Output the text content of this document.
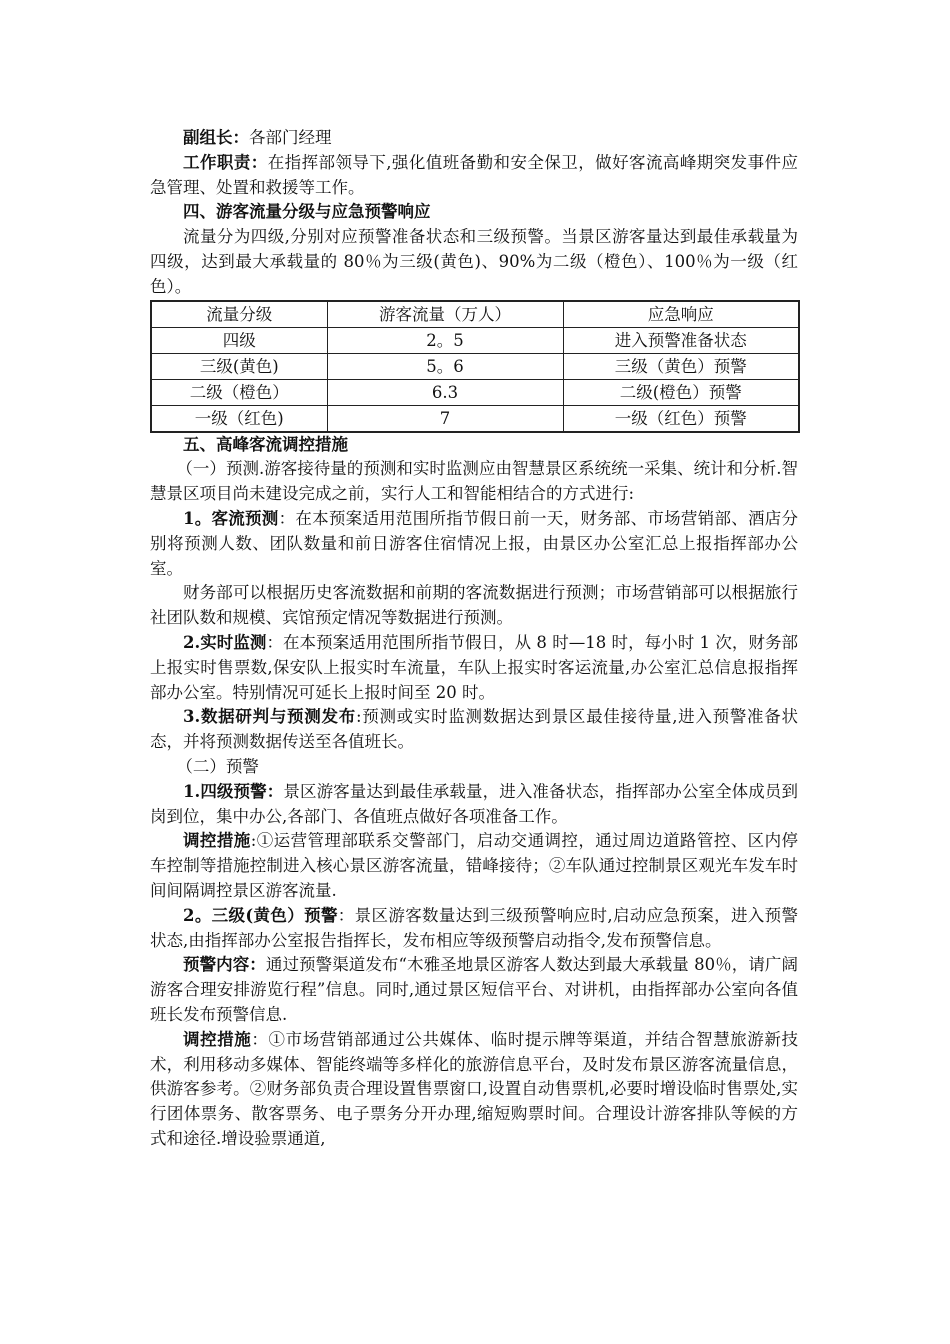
副组长：各部门经理

工作职责：在指挥部领导下,强化值班备勤和安全保卫，做好客流高峰期突发事件应急管理、处置和救援等工作。

四、游客流量分级与应急预警响应

流量分为四级,分别对应预警准备状态和三级预警。当景区游客量达到最佳承载量为四级，达到最大承载量的 80％为三级(黄色)、90%为二级（橙色）、100％为一级（红色）。

流量分级	游客流量（万人）	应急响应
四级	2。5	进入预警准备状态
三级(黄色)	5。6	三级（黄色）预警
二级（橙色）	6.3	二级(橙色）预警
一级（红色)	7	一级（红色）预警

五、高峰客流调控措施

（一）预测.游客接待量的预测和实时监测应由智慧景区系统统一采集、统计和分析.智慧景区项目尚未建设完成之前，实行人工和智能相结合的方式进行:

1。客流预测：在本预案适用范围所指节假日前一天，财务部、市场营销部、酒店分别将预测人数、团队数量和前日游客住宿情况上报，由景区办公室汇总上报指挥部办公室。

财务部可以根据历史客流数据和前期的客流数据进行预测；市场营销部可以根据旅行社团队数和规模、宾馆预定情况等数据进行预测。

2.实时监测：在本预案适用范围所指节假日，从 8 时—18 时，每小时 1 次，财务部上报实时售票数,保安队上报实时车流量，车队上报实时客运流量,办公室汇总信息报指挥部办公室。特别情况可延长上报时间至 20 时。

3.数据研判与预测发布:预测或实时监测数据达到景区最佳接待量,进入预警准备状态，并将预测数据传送至各值班长。

（二）预警

1.四级预警：景区游客量达到最佳承载量，进入准备状态，指挥部办公室全体成员到岗到位，集中办公,各部门、各值班点做好各项准备工作。

调控措施:①运营管理部联系交警部门，启动交通调控，通过周边道路管控、区内停车控制等措施控制进入核心景区游客流量，错峰接待；②车队通过控制景区观光车发车时间间隔调控景区游客流量.

2。三级(黄色）预警：景区游客数量达到三级预警响应时,启动应急预案，进入预警状态,由指挥部办公室报告指挥长，发布相应等级预警启动指令,发布预警信息。

预警内容：通过预警渠道发布“木雅圣地景区游客人数达到最大承载量 80％，请广阔游客合理安排游览行程”信息。同时,通过景区短信平台、对讲机，由指挥部办公室向各值班长发布预警信息.

调控措施：①市场营销部通过公共媒体、临时提示牌等渠道，并结合智慧旅游新技术，利用移动多媒体、智能终端等多样化的旅游信息平台，及时发布景区游客流量信息，供游客参考。②财务部负责合理设置售票窗口,设置自动售票机,必要时增设临时售票处,实行团体票务、散客票务、电子票务分开办理,缩短购票时间。合理设计游客排队等候的方式和途径.增设验票通道,
